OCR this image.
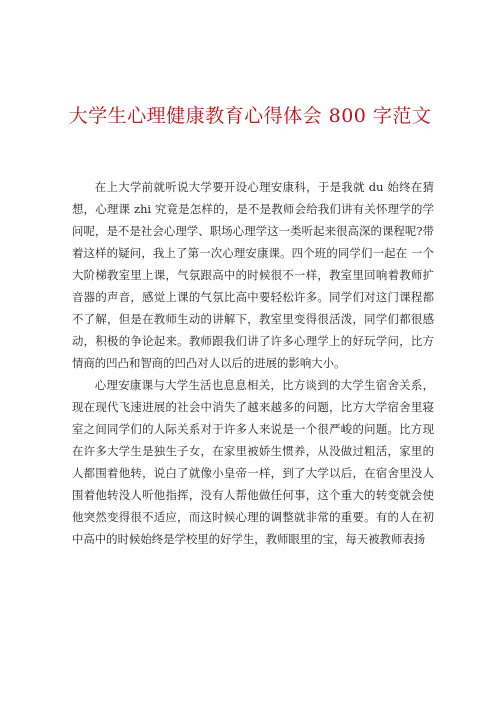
大学生心理健康教育心得体会 800 字范文

在上大学前就听说大学要开设心理安康科，于是我就 du 始终在猜想，心理课 zhi 究竟是怎样的，是不是教师会给我们讲有关怀理学的学问呢，是不是社会心理学、职场心理学这一类听起来很高深的课程呢?带着这样的疑问，我上了第一次心理安康课。四个班的同学们一起在 一个大阶梯教室里上课，气氛跟高中的时候很不一样，教室里回响着教师扩音器的声音，感觉上课的气氛比高中要轻松许多。同学们对这门课程都不了解，但是在教师生动的讲解下，教室里变得很活泼，同学们都很感动，积极的争论起来。教师跟我们讲了许多心理学上的好玩学问，比方情商的凹凸和智商的凹凸对人以后的进展的影响大小。

心理安康课与大学生活也息息相关，比方谈到的大学生宿舍关系，现在现代飞速进展的社会中消失了越来越多的问题，比方大学宿舍里寝室之间同学们的人际关系对于许多人来说是一个很严峻的问题。比方现在许多大学生是独生子女，在家里被娇生惯养，从没做过粗活，家里的人都围着他转，说白了就像小皇帝一样，到了大学以后，在宿舍里没人围着他转没人听他指挥，没有人帮他做任何事，这个重大的转变就会使他突然变得很不适应，而这时候心理的调整就非常的重要。有的人在初中高中的时候始终是学校里的好学生，教师眼里的宝，每天被教师表扬
